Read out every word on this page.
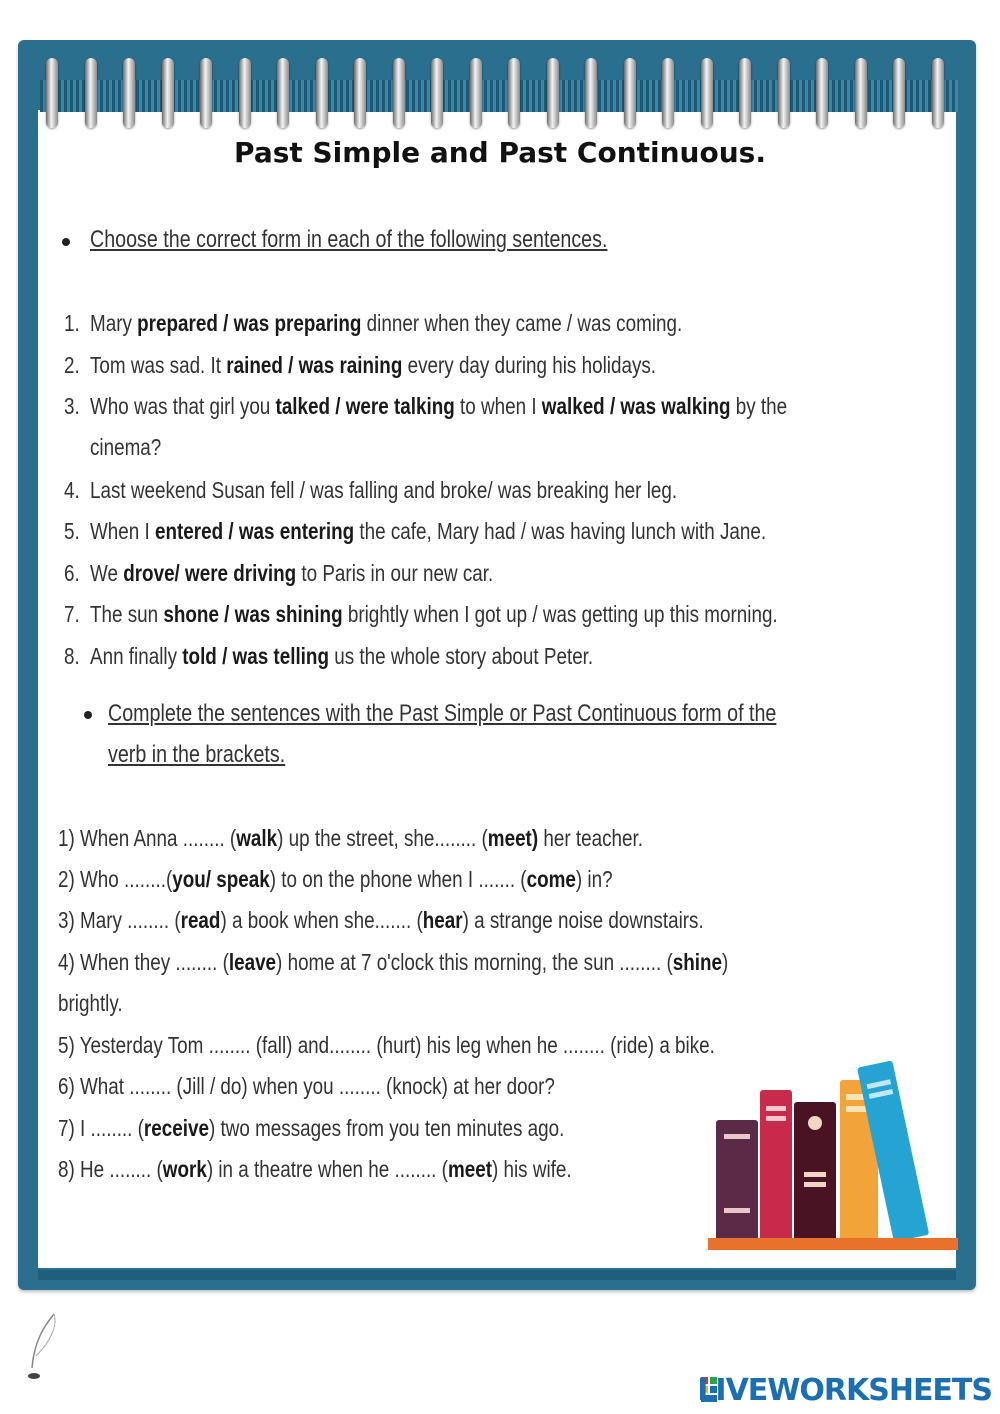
Past Simple and Past Continuous.
Choose the correct form in each of the following sentences.
Mary prepared / was preparing dinner when they came / was coming.
1.
Tom was sad. It rained / was raining every day during his holidays.
2.
Who was that girl you talked / were talking to when I walked / was walking by the
3.
cinema?
Last weekend Susan fell / was falling and broke/ was breaking her leg.
4.
When I entered / was entering the cafe, Mary had / was having lunch with Jane.
5.
We drove/ were driving to Paris in our new car.
6.
The sun shone / was shining brightly when I got up / was getting up this morning.
7.
Ann finally told / was telling us the whole story about Peter.
8.
Complete the sentences with the Past Simple or Past Continuous form of the
verb in the brackets.
1) When Anna ........ (walk) up the street, she........ (meet) her teacher.
2) Who ........(you/ speak) to on the phone when I ....... (come) in?
3) Mary ........ (read) a book when she....... (hear) a strange noise downstairs.
4) When they ........ (leave) home at 7 o'clock this morning, the sun ........ (shine)
brightly.
5) Yesterday Tom ........ (fall) and........ (hurt) his leg when he ........ (ride) a bike.
6) What ........ (Jill / do) when you ........ (knock) at her door?
7) I ........ (receive) two messages from you ten minutes ago.
8) He ........ (work) in a theatre when he ........ (meet) his wife.
LIVEWORKSHEETS
